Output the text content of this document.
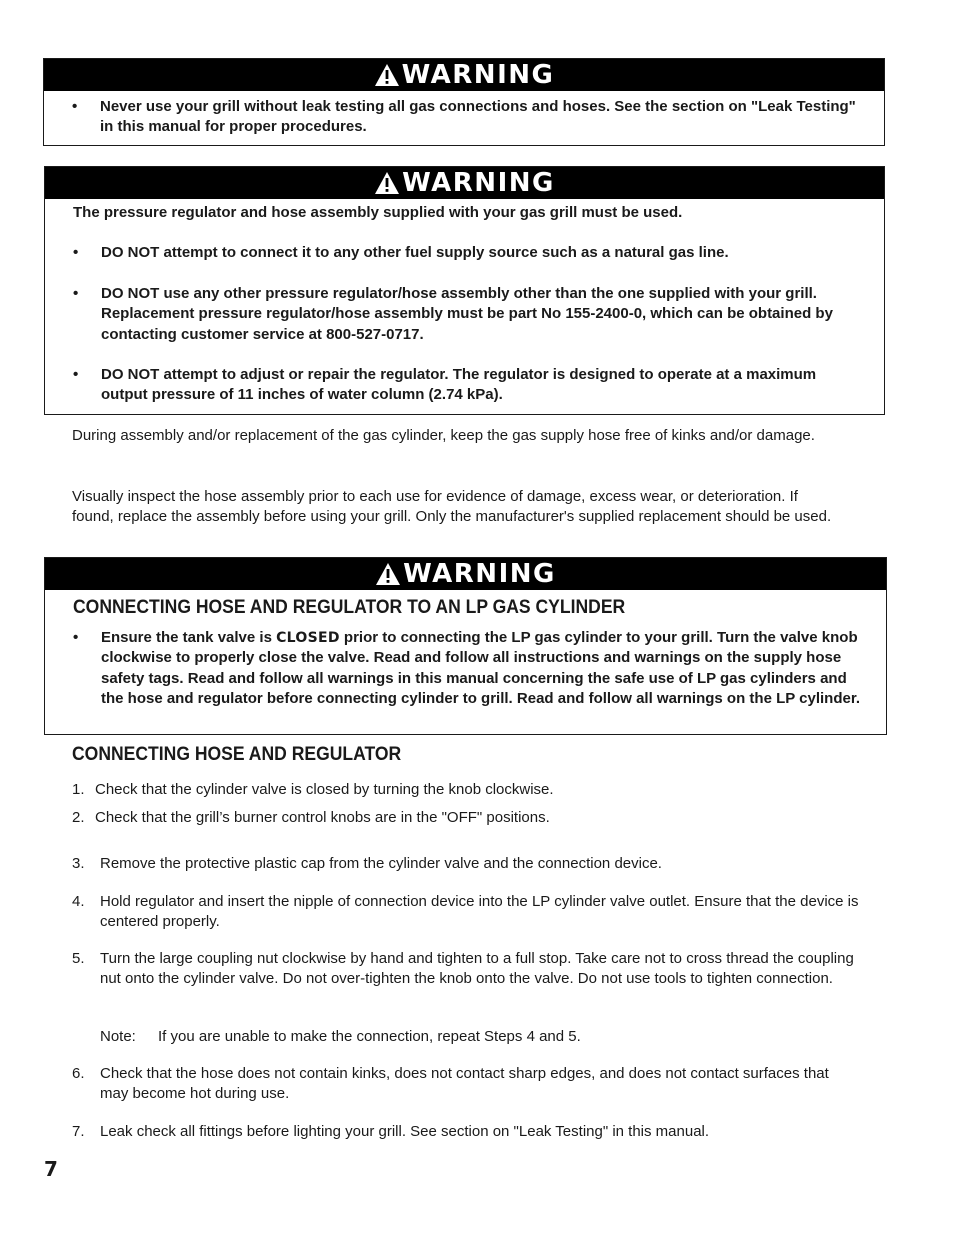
WARNING
• Never use your grill without leak testing all gas connections and hoses. See the section on "Leak Testing" in this manual for proper procedures.

WARNING

The pressure regulator and hose assembly supplied with your gas grill must be used.

• DO NOT attempt to connect it to any other fuel supply source such as a natural gas line.

• DO NOT use any other pressure regulator/hose assembly other than the one supplied with your grill. Replacement pressure regulator/hose assembly must be part No 155-2400-0, which can be obtained by contacting customer service at 800-527-0717.

• DO NOT attempt to adjust or repair the regulator. The regulator is designed to operate at a maximum output pressure of 11 inches of water column (2.74 kPa).

During assembly and/or replacement of the gas cylinder, keep the gas supply hose free of kinks and/or damage.

Visually inspect the hose assembly prior to each use for evidence of damage, excess wear, or deterioration. If found, replace the assembly before using your grill. Only the manufacturer's supplied replacement should be used.

WARNING
CONNECTING HOSE AND REGULATOR TO AN LP GAS CYLINDER
• Ensure the tank valve is CLOSED prior to connecting the LP gas cylinder to your grill. Turn the valve knob clockwise to properly close the valve. Read and follow all instructions and warnings on the supply hose safety tags. Read and follow all warnings in this manual concerning the safe use of LP gas cylinders and the hose and regulator before connecting cylinder to grill. Read and follow all warnings on the LP cylinder.

CONNECTING HOSE AND REGULATOR
1. Check that the cylinder valve is closed by turning the knob clockwise.

2. Check that the grill’s burner control knobs are in the "OFF" positions.

3. Remove the protective plastic cap from the cylinder valve and the connection device.

4. Hold regulator and insert the nipple of connection device into the LP cylinder valve outlet. Ensure that the device is centered properly.

5. Turn the large coupling nut clockwise by hand and tighten to a full stop. Take care not to cross thread the coupling nut onto the cylinder valve. Do not over-tighten the knob onto the valve. Do not use tools to tighten connection.

Note: If you are unable to make the connection, repeat Steps 4 and 5.

6. Check that the hose does not contain kinks, does not contact sharp edges, and does not contact surfaces that may become hot during use.

7. Leak check all fittings before lighting your grill. See section on "Leak Testing" in this manual.

7
